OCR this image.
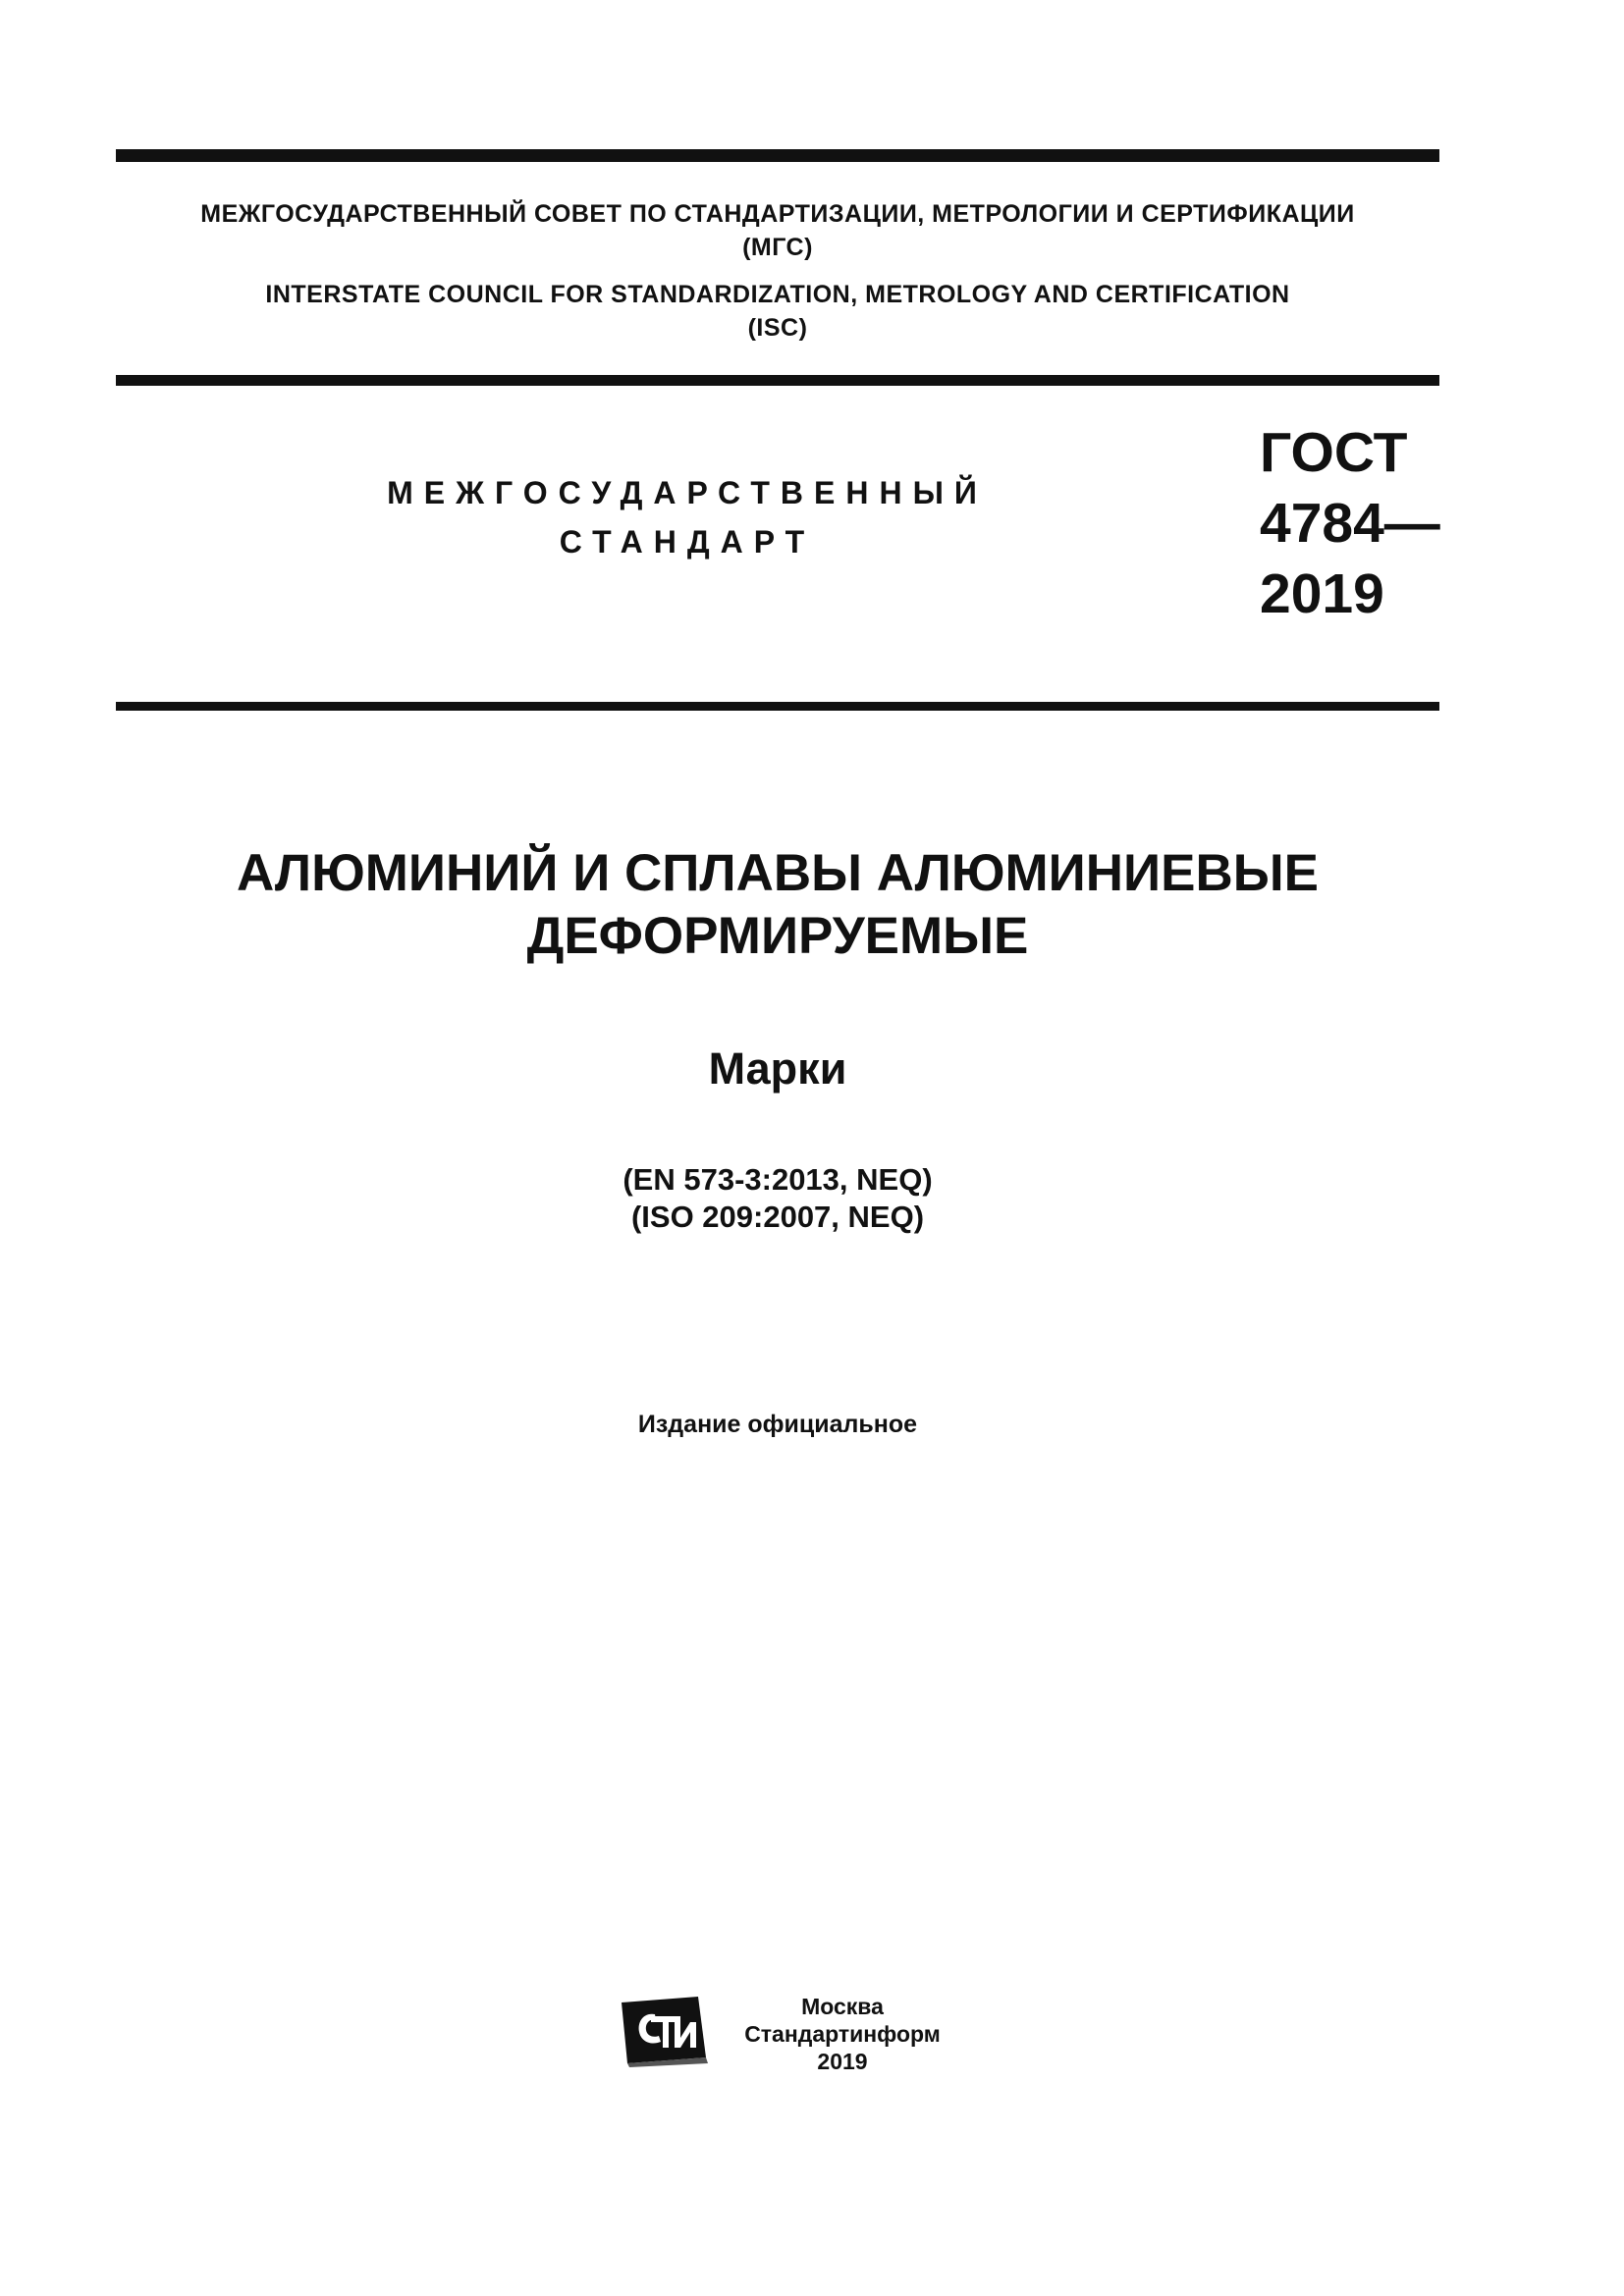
МЕЖГОСУДАРСТВЕННЫЙ СОВЕТ ПО СТАНДАРТИЗАЦИИ, МЕТРОЛОГИИ И СЕРТИФИКАЦИИ
(МГС)
INTERSTATE COUNCIL FOR STANDARDIZATION, METROLOGY AND CERTIFICATION
(ISC)
МЕЖГОСУДАРСТВЕННЫЙ
СТАНДАРТ
ГОСТ
4784—
2019
АЛЮМИНИЙ И СПЛАВЫ АЛЮМИНИЕВЫЕ
ДЕФОРМИРУЕМЫЕ
Марки
(EN 573-3:2013, NEQ)
(ISO 209:2007, NEQ)
Издание официальное
Москва
Стандартинформ
2019
